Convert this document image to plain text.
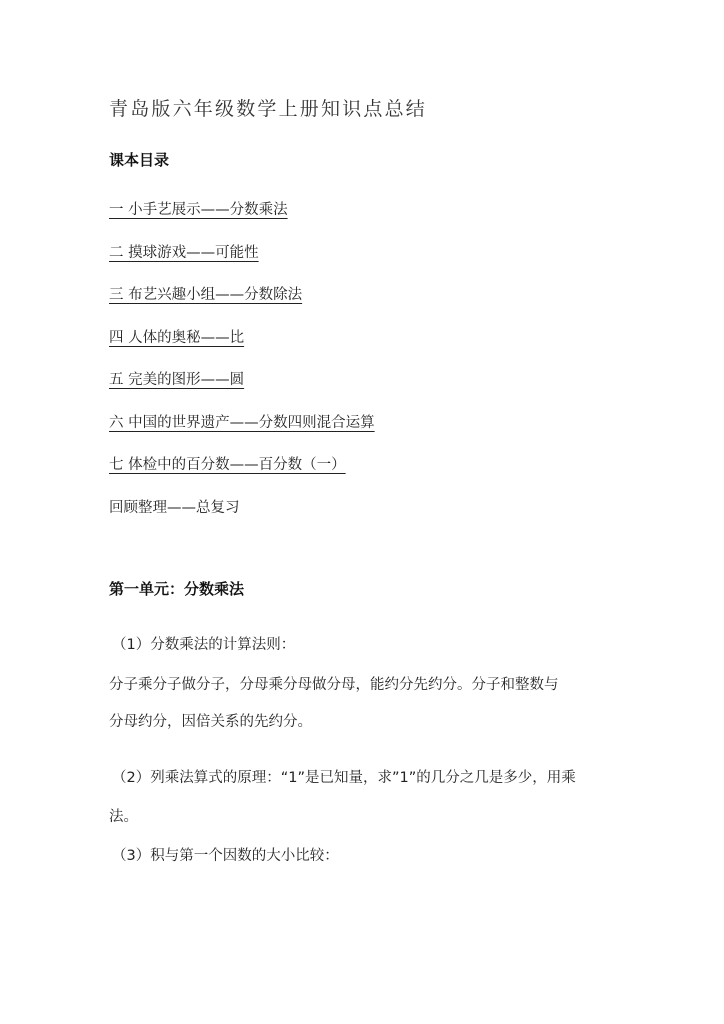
青岛版六年级数学上册知识点总结
课本目录
一 小手艺展示——分数乘法
二 摸球游戏——可能性
三 布艺兴趣小组——分数除法
四 人体的奥秘——比
五 完美的图形——圆
六 中国的世界遗产——分数四则混合运算
七 体检中的百分数——百分数（一）
回顾整理——总复习
第一单元：分数乘法
（1）分数乘法的计算法则：
分子乘分子做分子，分母乘分母做分母，能约分先约分。分子和整数与
分母约分，因倍关系的先约分。
（2）列乘法算式的原理：“1”是已知量，求”1”的几分之几是多少，用乘
法。
（3）积与第一个因数的大小比较：
